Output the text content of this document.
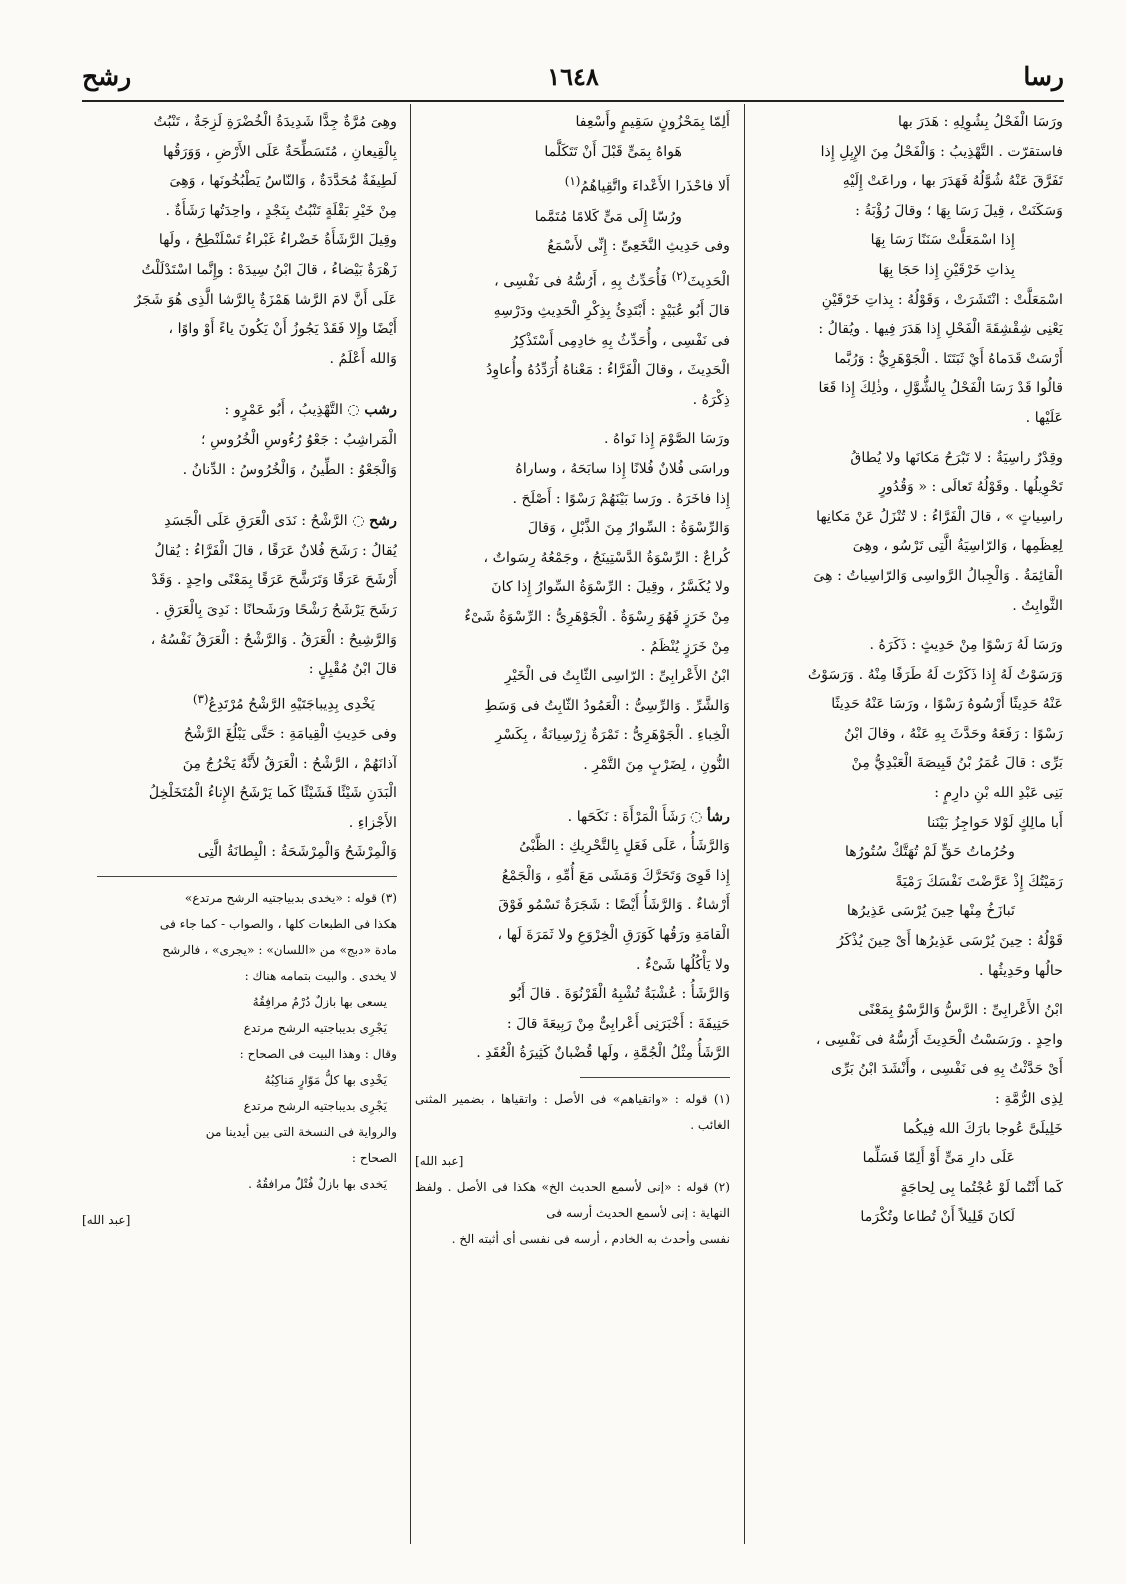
رشح	١٦٤٨	رسا

ورَسَا الْفَحْلُ بِشُوِلِهِ : هَدَرَ بها

فاستقرّت . التَّهْذِيبُ : وَالْفَحْلُ مِنَ الإِبِلِ إِذا

تَفَرَّقَ عَنْهُ شُوَّلُهُ فَهَدَرَ بها ، وراعَتْ إِلَيْهِ

وَسَكَنَتْ ، قِيلَ رَسَا بِهَا ؛ وقالَ رُؤْبَةُ :

إِذا اسْمَعَلَّتْ سَنَنًا رَسَا بِهَا

بِذاتِ خَرْقَيْنِ إِذا حَجَا بِهَا

اسْمَعَلَّتْ : انْتَشَرَتْ ، وَقَوْلُهُ : بِذاتِ خَرْقَيْنِ

يَعْنِى شِقْشِقَةَ الْفَحْلِ إِذا هَدَرَ فِيها . ويُقالُ :

أَرْسَتْ قَدَماهُ أَيْ ثَبَتَتَا . الْجَوْهَرِيُّ : وَرُبَّما

قالُوا قَدْ رَسَا الْفَحْلُ بِالشُّوَّلِ ، وذٰلِكَ إِذا قَعَا

عَلَيْها .

وقِدْرٌ راسِيَةٌ : لا تَبْرَحُ مَكانَها ولا يُطاقُ

تَحْوِيلُها . وقَوْلُهُ تَعالَى : « وَقُدُورٍ

راسِياتٍ » ، قالَ الْفَرَّاءُ : لا تُنْزَلُ عَنْ مَكانِها

لِعِظَمِها ، وَالرّاسِيَةُ الَّتِى تَرْسُو ، وهِىَ

الْقائِمَةُ . وَالْجِبالُ الرَّواسِى وَالرّاسِياتُ : هِىَ

الثَّوابِتُ .

ورَسَا لَهُ رَسْوًا مِنْ حَدِيثٍ : ذَكَرَهُ .

وَرَسَوْتُ لَهُ إِذا ذَكَرْتَ لَهُ طَرَفًا مِنْهُ . وَرَسَوْتُ

عَنْهُ حَدِيثًا أَرْسُوهُ رَسْوًا ، ورَسَا عَنْهُ حَدِيثًا

رَسْوًا : رَفَعَهُ وحَدَّثَ بِهِ عَنْهُ ، وقالَ ابْنُ

بَرِّى : قالَ عُمَرُ بْنُ قَبِيصَةَ الْعَبْدِيُّ مِنْ

بَنِى عَبْدِ الله بْنِ دارِمٍ :

أَبا مالِكٍ لَوْلا حَواجِزُ بَيْنَنا

وحُرُماتُ حَقٍّ لَمْ تُهَتَّكْ سُتُورُها

رَمَيْتُكَ إِذْ عَرَّضْتَ نَفْسَكَ رَمْيَةً

تَبازَخُ مِنْها حِينَ يُرْسَى عَذِيرُها

قَوْلُهُ : حِينَ يُرْسَى عَذِيرُها أَىْ حِينَ يُذْكَرُ

حالُها وحَدِيثُها .

ابْنُ الأَعْرابِىِّ : الرَّسُّ وَالرَّسْوُ بِمَعْنًى

واحِدٍ . ورَسَسْتُ الْحَدِيثَ أَرُسُّهُ فى نَفْسِى ،

أَىْ حَدَّثْتُ بِهِ فى نَفْسِى ، وأَنْشَدَ ابْنُ بَرِّى

لِذِى الرُّمَّةِ :

خَلِيلَىَّ عُوجا بارَكَ الله فِيكُما

عَلَى دارِ مَىٍّ أَوْ أَلِمّا فَسَلِّما

كَما أَنْتُما لَوْ عُجْتُما بِى لِحاجَةٍ

لَكانَ قَلِيلاً أَنْ تُطاعا وتُكْرَما

أَلِمّا بِمَحْزُونٍ سَقِيمٍ وأَسْعِفا

هَواهُ بِمَىٍّ قَبْلَ أَنْ تَتَكَلَّما

أَلا فاحْذَرا الأَعْداءَ واتَّقِياهُمُ$^{(١)}$

ورُسّا إِلَى مَىٍّ كَلامًا مُتَمَّما

وفى حَدِيثِ النَّخَعِىِّ : إِنِّى لأَسْمَعُ

الْحَدِيثَ$^{(٢)}$ فَأُحَدِّثُ بِهِ ، أَرُسُّهُ فى نَفْسِى ،

قالَ أَبُو عُبَيْدٍ : أَبْتَدِئُ بِذِكْرِ الْحَدِيثِ ودَرْسِهِ

فى نَفْسِى ، وأُحَدِّثُ بِهِ خادِمِى أَسْتَذْكِرُ

الْحَدِيثَ ، وقالَ الْفَرَّاءُ : مَعْناهُ أُرَدِّدُهُ وأُعاوِدُ

ذِكْرَهُ .

ورَسَا الصَّوْمَ إِذا نَواهُ .

وراسَى فُلانٌ فُلانًا إِذا سابَحَهُ ، وساراهُ

إِذا فاخَرَهُ . ورَسا بَيْنَهُمْ رَسْوًا : أَصْلَحَ .

وَالرِّسْوَةُ : السِّوارُ مِنَ الذَّبْلِ ، وَقالَ

كُراعٌ : الرِّسْوَةُ الدَّسْتِينَجُ ، وجَمْعُهُ رِسَواتٌ ،

ولا يُكَسَّرُ ، وقِيلَ : الرِّسْوَةُ السِّوارُ إِذا كانَ

مِنْ خَرَزٍ فَهُوَ رِسْوَةٌ . الْجَوْهَرِىُّ : الرِّسْوَةُ شَىْءٌ

مِنْ خَرَزٍ يُنْظَمُ .

ابْنُ الأَعْرابِىِّ : الرّاسِى الثّابِتُ فى الْخَيْرِ

وَالشَّرِّ . وَالرِّسِىُّ : الْعَمُودُ الثّابِتُ فى وَسَطِ

الْخِباءِ . الْجَوْهَرِىُّ : تَمْرَةٌ زِرْسِيانَةٌ ، بِكَسْرِ

النُّونِ ، لِضَرْبٍ مِنَ التَّمْرِ .

رشأ ◌ رَشَأَ الْمَرْأَةَ : نَكَحَها .

وَالرَّشَأُ ، عَلَى فَعَلٍ بِالتَّحْرِيكِ : الظَّبْىُ

إِذا قَوِىَ وَتَحَرَّكَ وَمَشَى مَعَ أُمِّهِ ، وَالْجَمْعُ

أَرْشاءٌ . وَالرَّشَأُ أَيْضًا : شَجَرَةٌ تَسْمُو فَوْقَ

الْقامَةِ ورَقُها كَوَرَقِ الْخِرْوَعِ ولا ثَمَرَةَ لَها ،

ولا يَأْكُلُها شَىْءٌ .

وَالرَّشَأُ : عُشْبَةٌ تُشْبِهُ الْقَرْنُوَةَ . قالَ أَبُو

حَنِيفَةَ : أَخْبَرَنِى أَعْرابِىٌّ مِنْ رَبِيعَةَ قالَ :

الرَّشَأُ مِثْلُ الْجُمَّةِ ، ولَها قُضْبانٌ كَثِيرَةُ الْعُقَدِ .

(١) قوله : «واتقياهم» فى الأصل : واتقياها ، بضمير المثنى الغائب .

[عبد الله]

(٢) قوله : «إنى لأسمع الحديث الخ» هكذا فى الأصل . ولفظ النهاية : إنى لأسمع الحديث أرسه فى

نفسى وأحدث به الخادم ، أرسه فى نفسى أى أثبته الخ .

وهِىَ مُرَّةٌ جِدًّا شَدِيدَةُ الْخُضْرَةِ لَزِجَةٌ ، تَنْبُتُ

بِالْقِيعانِ ، مُتَسَطِّحَةٌ عَلَى الأَرْضِ ، وَوَرَقُها

لَطِيفَةٌ مُحَدَّدَةٌ ، وَالنّاسُ يَطْبُخُونَها ، وَهِىَ

مِنْ خَيْرِ بَقْلَةٍ تَنْبُتُ بِنَجْدٍ ، واحِدَتُها رَشَأَةٌ .

وقِيلَ الرَّشَأَةُ خَضْراءُ غَبْراءُ تَسْلَنْطِحُ ، ولَها

زَهْرَةٌ بَيْضاءُ ، قالَ ابْنُ سِيدَهْ : وإِنَّما اسْتَدْلَلْتُ

عَلَى أَنَّ لامَ الرَّشا هَمْزَةٌ بِالرَّشا الَّذِى هُوَ شَجَرٌ

أَيْضًا وإِلا فَقَدْ يَجُوزُ أَنْ يَكُونَ ياءً أَوْ واوًا ،

وَالله أَعْلَمُ .

رشب ◌ التَّهْذِيبُ ، أَبُو عَمْرٍو :

الْمَراشِبُ : جَعْوُ رُءُوسِ الْخُرُوسِ ؛

وَالْجَعْوُ : الطِّينُ ، وَالْخُرُوسُ : الدِّنانُ .

رشح ◌ الرَّشْحُ : نَدَى الْعَرَقِ عَلَى الْجَسَدِ

يُقالُ : رَشَحَ فُلانٌ عَرَقًا ، قالَ الْفَرَّاءُ : يُقالُ

أَرْشَحَ عَرَقًا وَتَرَشَّحَ عَرَقًا بِمَعْنًى واحِدٍ . وَقَدْ

رَشَحَ يَرْشَحُ رَشْحًا ورَشَحانًا : نَدِىَ بِالْعَرَقِ .

وَالرَّشِيحُ : الْعَرَقُ . وَالرَّشْحُ : الْعَرَقُ نَفْسُهُ ،

قالَ ابْنُ مُقْبِلٍ :

يَخْدِى بِدِيباجَتَيْهِ الرَّشْحُ مُرْتَدِعُ$^{(٣)}$

وفى حَدِيثِ الْقِيامَةِ : حَتَّى يَبْلُغَ الرَّشْحُ

آذانَهُمْ ، الرَّشْحُ : الْعَرَقُ لأَنَّهُ يَخْرُجُ مِنَ

الْبَدَنِ شَيْئًا فَشَيْئًا كَما يَرْشَحُ الإِناءُ الْمُتَخَلْخِلُ

الأَجْزاءِ .

وَالْمِرْشَحُ وَالْمِرْشَحَةُ : الْبِطانَةُ الَّتِى

(٣) قوله : «يخدى بدبياجتيه الرشح مرتدع»

هكذا فى الطبعات كلها ، والصواب - كما جاء فى

مادة «دبج» من «اللسان» : «يجرى» ، فالرشح

لا يخدى . والبيت بتمامه هناك :

يسعى بها بازلٌ دُرْمٌ مرافِقُهُ

يَجْرِى بديباجتيه الرشح مرتدع

وقال : وهذا البيت فى الصحاح :

يَخْدِى بها كلُّ مَوّارٍ مَناكِبُهُ

يَجْرِى بديباجتيه الرشح مرتدع

والرواية فى النسخة التى بين أيدينا من

الصحاح :

يَخدى بها بازلٌ فُتْلٌ مرافقُهُ .

[عبد الله]
